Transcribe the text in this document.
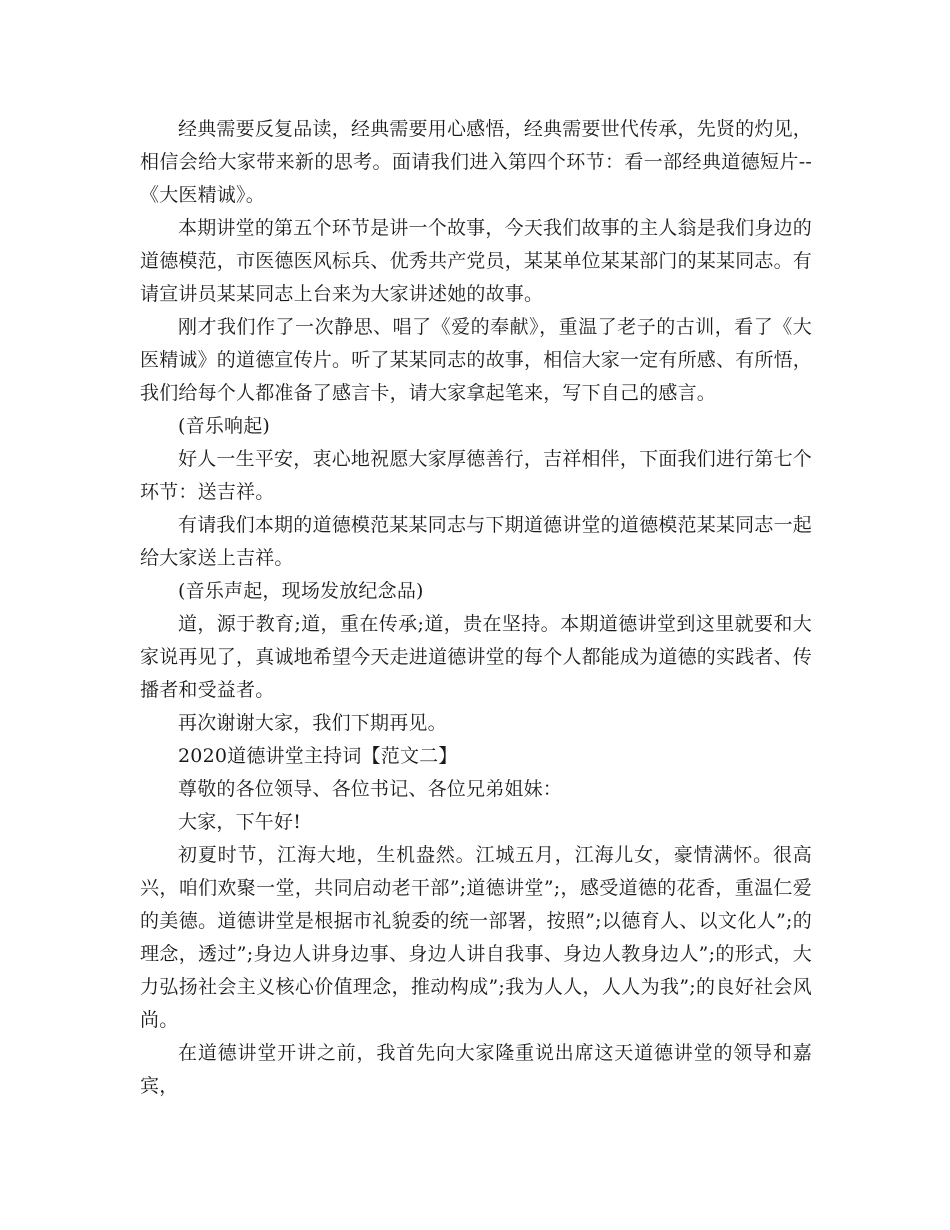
经典需要反复品读，经典需要用心感悟，经典需要世代传承，先贤的灼见，相信会给大家带来新的思考。面请我们进入第四个环节：看一部经典道德短片--《大医精诚》。

本期讲堂的第五个环节是讲一个故事，今天我们故事的主人翁是我们身边的道德模范，市医德医风标兵、优秀共产党员，某某单位某某部门的某某同志。有请宣讲员某某同志上台来为大家讲述她的故事。

刚才我们作了一次静思、唱了《爱的奉献》，重温了老子的古训，看了《大医精诚》的道德宣传片。听了某某同志的故事，相信大家一定有所感、有所悟，我们给每个人都准备了感言卡，请大家拿起笔来，写下自己的感言。

(音乐响起)

好人一生平安，衷心地祝愿大家厚德善行，吉祥相伴，下面我们进行第七个环节：送吉祥。

有请我们本期的道德模范某某同志与下期道德讲堂的道德模范某某同志一起给大家送上吉祥。

(音乐声起，现场发放纪念品)

道，源于教育;道，重在传承;道，贵在坚持。本期道德讲堂到这里就要和大家说再见了，真诚地希望今天走进道德讲堂的每个人都能成为道德的实践者、传播者和受益者。

再次谢谢大家，我们下期再见。

2020道德讲堂主持词【范文二】

尊敬的各位领导、各位书记、各位兄弟姐妹：

大家，下午好!

初夏时节，江海大地，生机盎然。江城五月，江海儿女，豪情满怀。很高兴，咱们欢聚一堂，共同启动老干部”;道德讲堂”;，感受道德的花香，重温仁爱的美德。道德讲堂是根据市礼貌委的统一部署，按照”;以德育人、以文化人”;的理念，透过”;身边人讲身边事、身边人讲自我事、身边人教身边人”;的形式，大力弘扬社会主义核心价值理念，推动构成”;我为人人，人人为我”;的良好社会风尚。

在道德讲堂开讲之前，我首先向大家隆重说出席这天道德讲堂的领导和嘉宾，
